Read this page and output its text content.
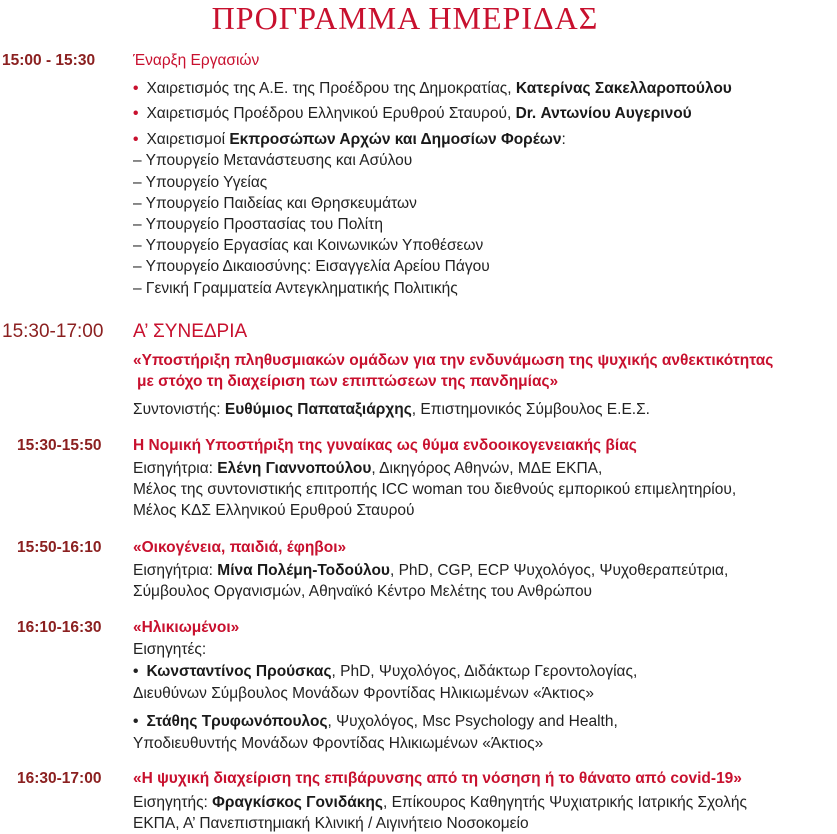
ΠΡΟΓΡΑΜΜΑ ΗΜΕΡΙΔΑΣ
15:00 - 15:30 Έναρξη Εργασιών
• Χαιρετισμός της Α.Ε. της Προέδρου της Δημοκρατίας, Κατερίνας Σακελλαροπούλου
• Χαιρετισμός Προέδρου Ελληνικού Ερυθρού Σταυρού, Dr. Αντωνίου Αυγερινού
• Χαιρετισμοί Εκπροσώπων Αρχών και Δημοσίων Φορέων:
– Υπουργείο Μετανάστευσης και Ασύλου
– Υπουργείο Υγείας
– Υπουργείο Παιδείας και Θρησκευμάτων
– Υπουργείο Προστασίας του Πολίτη
– Υπουργείο Εργασίας και Κοινωνικών Υποθέσεων
– Υπουργείο Δικαιοσύνης: Εισαγγελία Αρείου Πάγου
– Γενική Γραμματεία Αντεγκληματικής Πολιτικής
15:30-17:00 Α’ ΣΥΝΕΔΡΙΑ
«Υποστήριξη πληθυσμιακών ομάδων για την ενδυνάμωση της ψυχικής ανθεκτικότητας
με στόχο τη διαχείριση των επιπτώσεων της πανδημίας»
Συντονιστής: Ευθύμιος Παπαταξιάρχης, Επιστημονικός Σύμβουλος Ε.Ε.Σ.
15:30-15:50 Η Νομική Υποστήριξη της γυναίκας ως θύμα ενδοοικογενειακής βίας
Εισηγήτρια: Ελένη Γιαννοπούλου, Δικηγόρος Αθηνών, ΜΔΕ ΕΚΠΑ,
Μέλος της συντονιστικής επιτροπής ICC woman του διεθνούς εμπορικού επιμελητηρίου,
Μέλος ΚΔΣ Ελληνικού Ερυθρού Σταυρού
15:50-16:10 «Οικογένεια, παιδιά, έφηβοι»
Εισηγήτρια: Μίνα Πολέμη-Τοδούλου, PhD, CGP, ECP Ψυχολόγος, Ψυχοθεραπεύτρια,
Σύμβουλος Οργανισμών, Αθηναϊκό Κέντρο Μελέτης του Ανθρώπου
16:10-16:30 «Ηλικιωμένοι»
Εισηγητές:
• Κωνσταντίνος Προύσκας, PhD, Ψυχολόγος, Διδάκτωρ Γεροντολογίας,
Διευθύνων Σύμβουλος Μονάδων Φροντίδας Ηλικιωμένων «Άκτιος»
• Στάθης Τρυφωνόπουλος, Ψυχολόγος, Msc Psychology and Health,
Υποδιευθυντής Μονάδων Φροντίδας Ηλικιωμένων «Άκτιος»
16:30-17:00 «Η ψυχική διαχείριση της επιβάρυνσης από τη νόσηση ή το θάνατο από covid-19»
Εισηγητής: Φραγκίσκος Γονιδάκης, Επίκουρος Καθηγητής Ψυχιατρικής Ιατρικής Σχολής
ΕΚΠΑ, Α’ Πανεπιστημιακή Κλινική / Αιγινήτειο Νοσοκομείο
